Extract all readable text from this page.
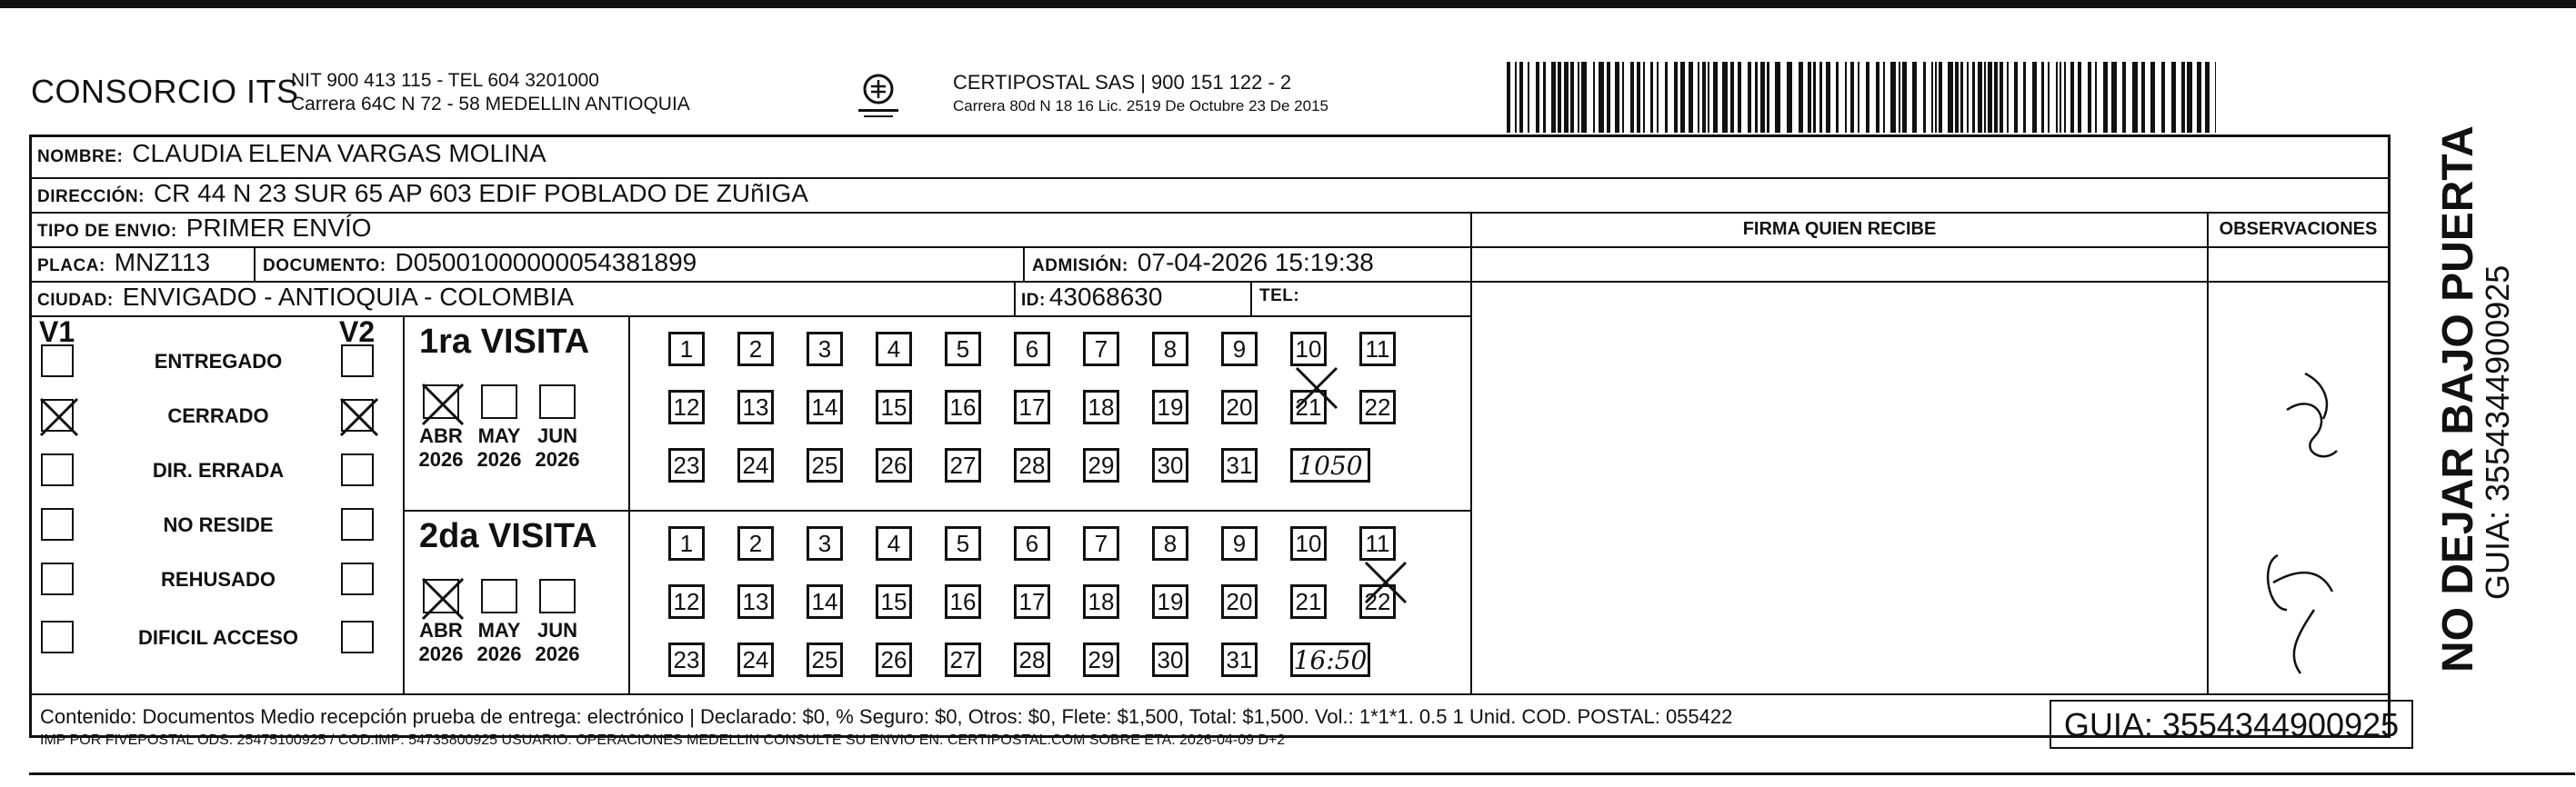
CONSORCIO ITS
NIT 900 413 115 - TEL 604 3201000
Carrera 64C N 72 - 58 MEDELLIN ANTIOQUIA
CERTIPOSTAL SAS | 900 151 122 - 2
Carrera 80d N 18 16 Lic. 2519 De Octubre 23 De 2015
NOMBRE: CLAUDIA ELENA VARGAS MOLINA
DIRECCIÓN: CR 44 N 23 SUR 65 AP 603 EDIF POBLADO DE ZUñIGA
TIPO DE ENVIO: PRIMER ENVÍO	FIRMA QUIEN RECIBE	OBSERVACIONES
PLACA: MNZ113	DOCUMENTO: D05001000000054381899	ADMISIÓN: 07-04-2026 15:19:38
CIUDAD: ENVIGADO - ANTIOQUIA - COLOMBIA	ID: 43068630	TEL:
V1	V2
ENTREGADO
CERRADO
DIR. ERRADA
NO RESIDE
REHUSADO
DIFICIL ACCESO
1ra VISITA
ABR
2026
MAY
2026
JUN
2026
1	2	3	4	5	6	7	8	9	10 11
12 13 14 15 16 17 18 19 20 21 22
23 24 25 26 27 28 29 30 31 1050
2da VISITA
ABR
2026
MAY
2026
JUN
2026
1	2	3	4	5	6	7	8	9	10 11
12 13 14 15 16 17 18 19 20 21 22
23 24 25 26 27 28 29 30 31 16:50
Contenido: Documentos Medio recepción prueba de entrega: electrónico | Declarado: $0, % Seguro: $0, Otros: $0, Flete: $1,500, Total: $1,500. Vol.: 1*1*1. 0.5 1 Unid. COD. POSTAL: 055422
IMP POR FIVEPOSTAL ODS: 25475100925 / COD.IMP: 54735800925 USUARIO: OPERACIONES MEDELLIN CONSULTE SU ENVIO EN: CERTIPOSTAL.COM SOBRE ETA: 2026-04-09 D+2	GUIA: 3554344900925
NO DEJAR BAJO PUERTA
GUIA: 3554344900925
